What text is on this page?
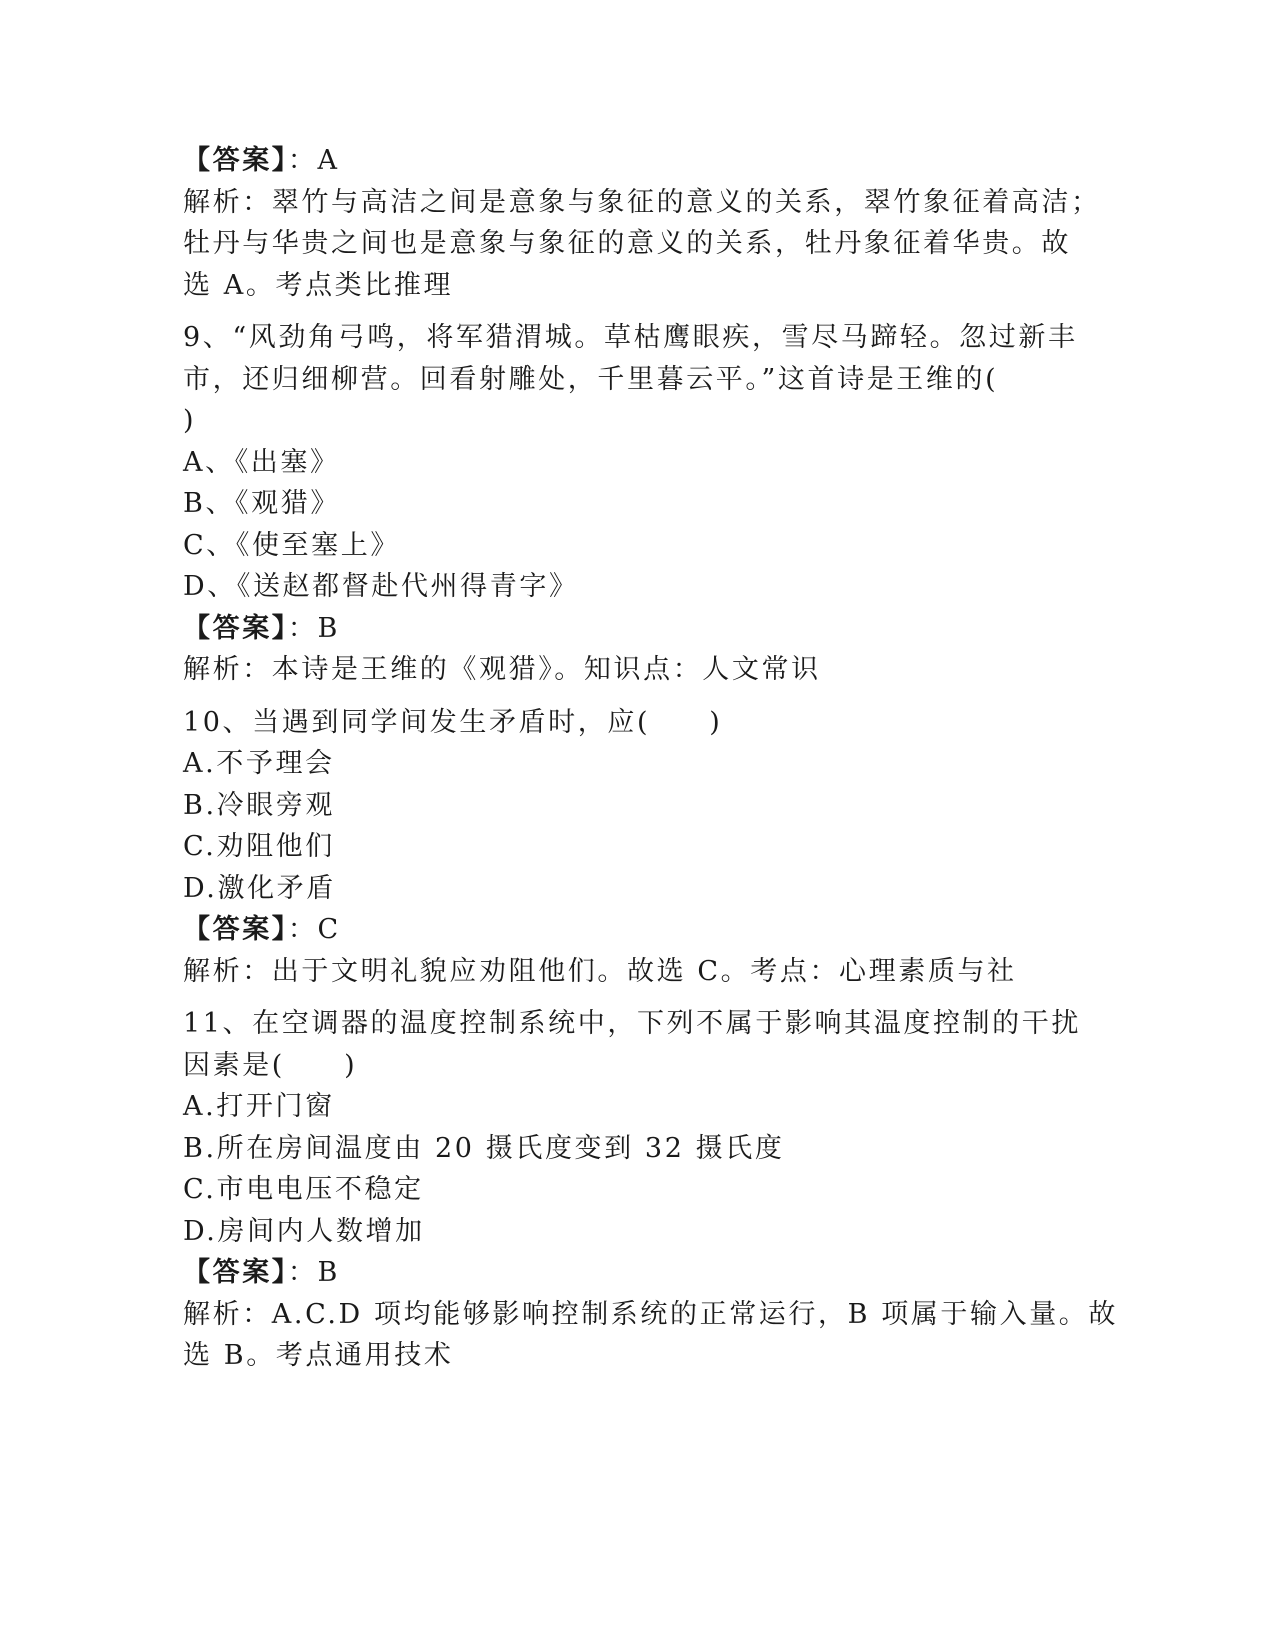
【答案】：A
解析：翠竹与高洁之间是意象与象征的意义的关系，翠竹象征着高洁；
牡丹与华贵之间也是意象与象征的意义的关系，牡丹象征着华贵。故
选 A。考点类比推理
9、“风劲角弓鸣，将军猎渭城。草枯鹰眼疾，雪尽马蹄轻。忽过新丰
市，还归细柳营。回看射雕处，千里暮云平。”这首诗是王维的(
)
A、《出塞》
B、《观猎》
C、《使至塞上》
D、《送赵都督赴代州得青字》
【答案】：B
解析：本诗是王维的《观猎》。知识点：人文常识
10、当遇到同学间发生矛盾时，应(　　)
A.不予理会
B.冷眼旁观
C.劝阻他们
D.激化矛盾
【答案】：C
解析：出于文明礼貌应劝阻他们。故选 C。考点：心理素质与社
11、在空调器的温度控制系统中，下列不属于影响其温度控制的干扰
因素是(　　)
A.打开门窗
B.所在房间温度由 20 摄氏度变到 32 摄氏度
C.市电电压不稳定
D.房间内人数增加
【答案】：B
解析：A.C.D 项均能够影响控制系统的正常运行，B 项属于输入量。故
选 B。考点通用技术
